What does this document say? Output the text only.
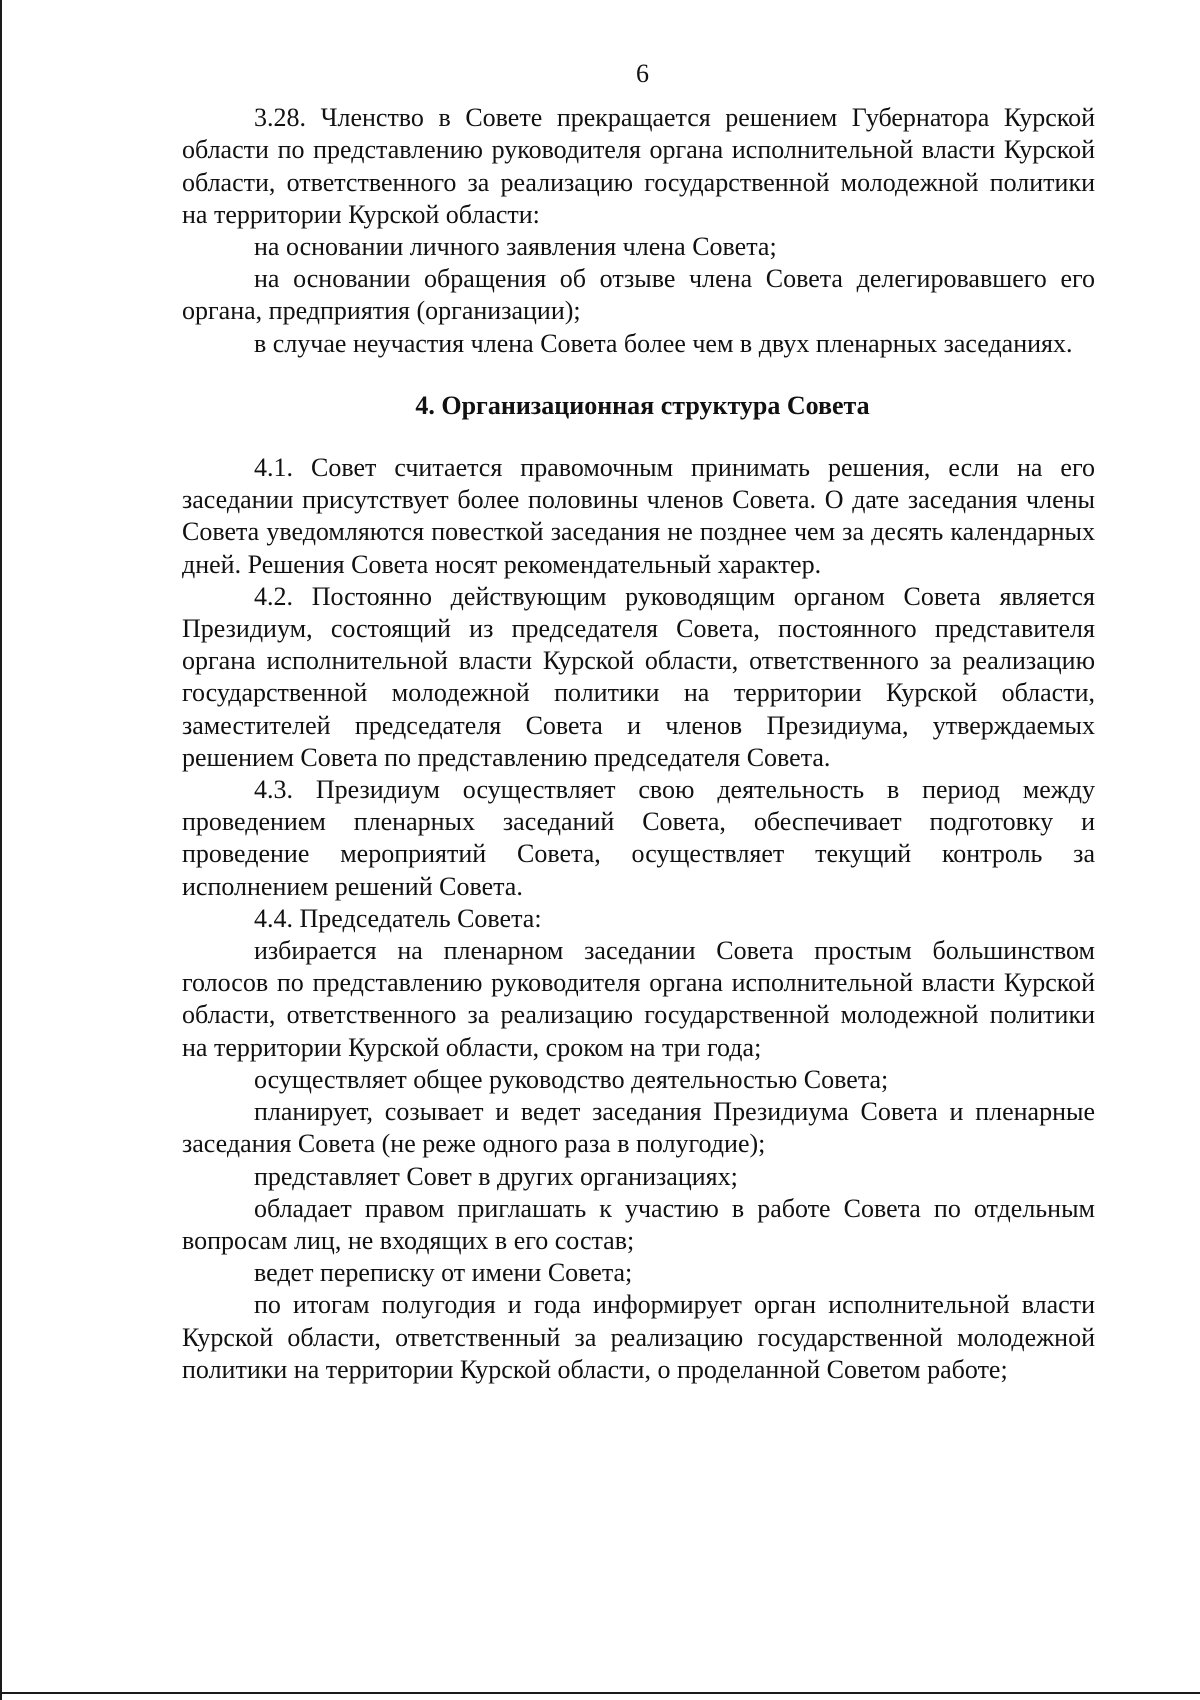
6

3.28. Членство в Совете прекращается решением Губернатора Курской области по представлению руководителя органа исполнительной власти Курской области, ответственного за реализацию государственной молодежной политики на территории Курской области:

на основании личного заявления члена Совета;

на основании обращения об отзыве члена Совета делегировавшего его органа, предприятия (организации);

в случае неучастия члена Совета более чем в двух пленарных заседаниях.

4. Организационная структура Совета

4.1. Совет считается правомочным принимать решения, если на его заседании присутствует более половины членов Совета. О дате заседания члены Совета уведомляются повесткой заседания не позднее чем за десять календарных дней. Решения Совета носят рекомендательный характер.

4.2. Постоянно действующим руководящим органом Совета является Президиум, состоящий из председателя Совета, постоянного представителя органа исполнительной власти Курской области, ответственного за реализацию государственной молодежной политики на территории Курской области, заместителей председателя Совета и членов Президиума, утверждаемых решением Совета по представлению председателя Совета.

4.3. Президиум осуществляет свою деятельность в период между проведением пленарных заседаний Совета, обеспечивает подготовку и проведение мероприятий Совета, осуществляет текущий контроль за исполнением решений Совета.

4.4. Председатель Совета:

избирается на пленарном заседании Совета простым большинством голосов по представлению руководителя органа исполнительной власти Курской области, ответственного за реализацию государственной молодежной политики на территории Курской области, сроком на три года;

осуществляет общее руководство деятельностью Совета;

планирует, созывает и ведет заседания Президиума Совета и пленарные заседания Совета (не реже одного раза в полугодие);

представляет Совет в других организациях;

обладает правом приглашать к участию в работе Совета по отдельным вопросам лиц, не входящих в его состав;

ведет переписку от имени Совета;

по итогам полугодия и года информирует орган исполнительной власти Курской области, ответственный за реализацию государственной молодежной политики на территории Курской области, о проделанной Советом работе;
